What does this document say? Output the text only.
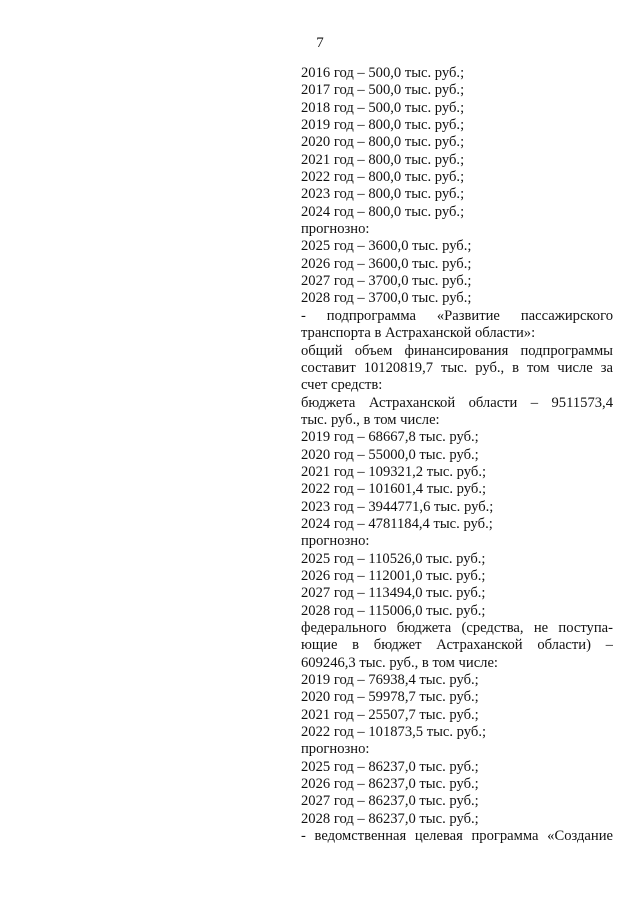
7
2016 год – 500,0 тыс. руб.;
2017 год – 500,0 тыс. руб.;
2018 год – 500,0 тыс. руб.;
2019 год – 800,0 тыс. руб.;
2020 год – 800,0 тыс. руб.;
2021 год – 800,0 тыс. руб.;
2022 год – 800,0 тыс. руб.;
2023 год – 800,0 тыс. руб.;
2024 год – 800,0 тыс. руб.;
прогнозно:
2025 год – 3600,0 тыс. руб.;
2026 год – 3600,0 тыс. руб.;
2027 год – 3700,0 тыс. руб.;
2028 год – 3700,0 тыс. руб.;
- подпрограмма «Развитие пассажирского
транспорта в Астраханской области»:
общий объем финансирования подпрограммы
составит 10120819,7 тыс. руб., в том числе за
счет средств:
бюджета Астраханской области – 9511573,4
тыс. руб., в том числе:
2019 год – 68667,8 тыс. руб.;
2020 год – 55000,0 тыс. руб.;
2021 год – 109321,2 тыс. руб.;
2022 год – 101601,4 тыс. руб.;
2023 год – 3944771,6 тыс. руб.;
2024 год – 4781184,4 тыс. руб.;
прогнозно:
2025 год – 110526,0 тыс. руб.;
2026 год – 112001,0 тыс. руб.;
2027 год – 113494,0 тыс. руб.;
2028 год – 115006,0 тыс. руб.;
федерального бюджета (средства, не поступа-
ющие в бюджет Астраханской области) –
609246,3 тыс. руб., в том числе:
2019 год – 76938,4 тыс. руб.;
2020 год – 59978,7 тыс. руб.;
2021 год – 25507,7 тыс. руб.;
2022 год – 101873,5 тыс. руб.;
прогнозно:
2025 год – 86237,0 тыс. руб.;
2026 год – 86237,0 тыс. руб.;
2027 год – 86237,0 тыс. руб.;
2028 год – 86237,0 тыс. руб.;
- ведомственная целевая программа «Создание
